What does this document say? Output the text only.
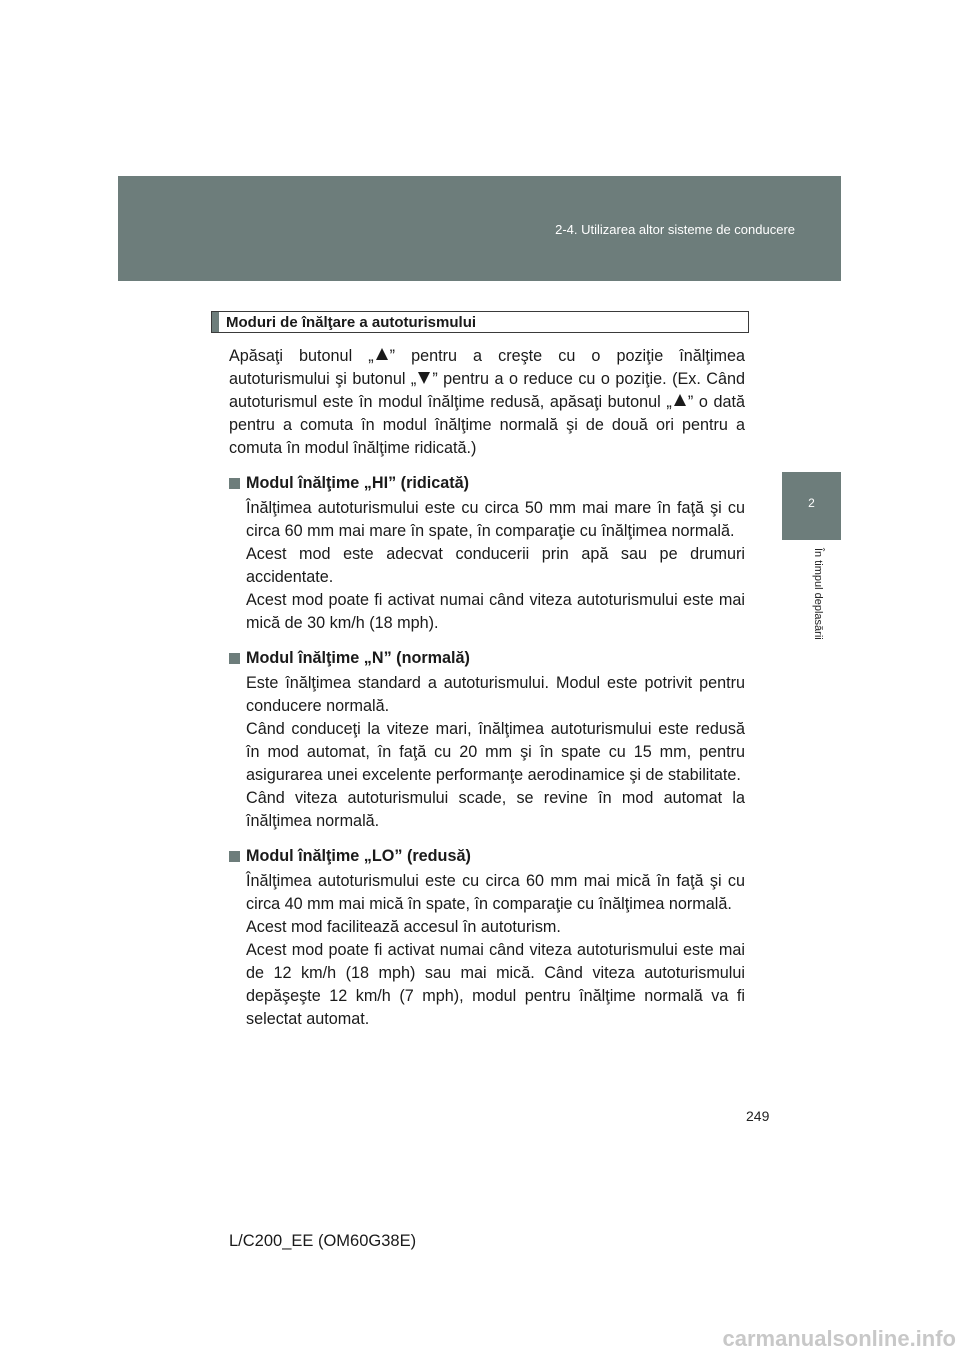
2-4. Utilizarea altor sisteme de conducere
2
În timpul deplasării
Moduri de înălţare a autoturismului

Apăsaţi butonul „ ” pentru a creşte cu o poziţie înălţimea autoturismului şi butonul „ ” pentru a o reduce cu o poziţie. (Ex. Când autoturismul este în modul înălţime redusă, apăsaţi butonul „ ” o dată pentru a comuta în modul înălţime normală şi de două ori pentru a comuta în modul înălţime ridicată.)

Modul înălţime „HI” (ridicată)

Înălţimea autoturismului este cu circa 50 mm mai mare în faţă şi cu circa 60 mm mai mare în spate, în comparaţie cu înălţimea normală.

Acest mod este adecvat conducerii prin apă sau pe drumuri accidentate.

Acest mod poate fi activat numai când viteza autoturismului este mai mică de 30 km/h (18 mph).

Modul înălţime „N” (normală)

Este înălţimea standard a autoturismului. Modul este potrivit pentru conducere normală.

Când conduceţi la viteze mari, înălţimea autoturismului este redusă în mod automat, în faţă cu 20 mm şi în spate cu 15 mm, pentru asigurarea unei excelente performanţe aerodinamice şi de stabilitate.

Când viteza autoturismului scade, se revine în mod automat la înălţimea normală.

Modul înălţime „LO” (redusă)

Înălţimea autoturismului este cu circa 60 mm mai mică în faţă şi cu circa 40 mm mai mică în spate, în comparaţie cu înălţimea normală.

Acest mod facilitează accesul în autoturism.

Acest mod poate fi activat numai când viteza autoturismului este mai de 12 km/h (18 mph) sau mai mică. Când viteza autoturismului depăşeşte 12 km/h (7 mph), modul pentru înălţime normală va fi selectat automat.

249
L/C200_EE (OM60G38E)
carmanualsonline.info
